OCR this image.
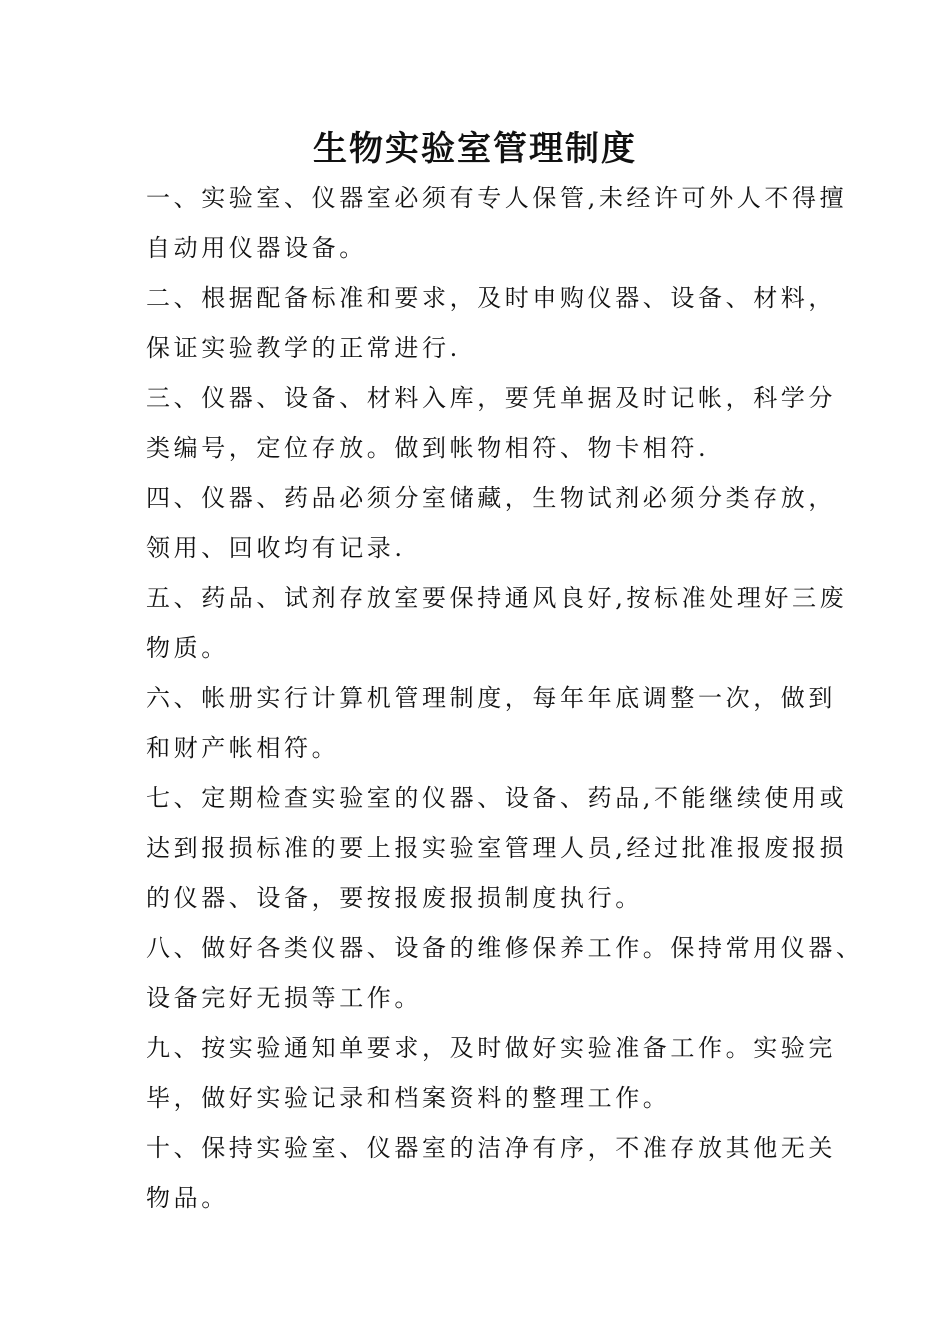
生物实验室管理制度
一、实验室、仪器室必须有专人保管,未经许可外人不得擅
自动用仪器设备。
二、根据配备标准和要求，及时申购仪器、设备、材料，
保证实验教学的正常进行.
三、仪器、设备、材料入库，要凭单据及时记帐，科学分
类编号，定位存放。做到帐物相符、物卡相符.
四、仪器、药品必须分室储藏，生物试剂必须分类存放，
领用、回收均有记录.
五、药品、试剂存放室要保持通风良好,按标准处理好三废
物质。
六、帐册实行计算机管理制度，每年年底调整一次，做到
和财产帐相符。
七、定期检查实验室的仪器、设备、药品,不能继续使用或
达到报损标准的要上报实验室管理人员,经过批准报废报损
的仪器、设备，要按报废报损制度执行。
八、做好各类仪器、设备的维修保养工作。保持常用仪器、
设备完好无损等工作。
九、按实验通知单要求，及时做好实验准备工作。实验完
毕，做好实验记录和档案资料的整理工作。
十、保持实验室、仪器室的洁净有序，不准存放其他无关
物品。
